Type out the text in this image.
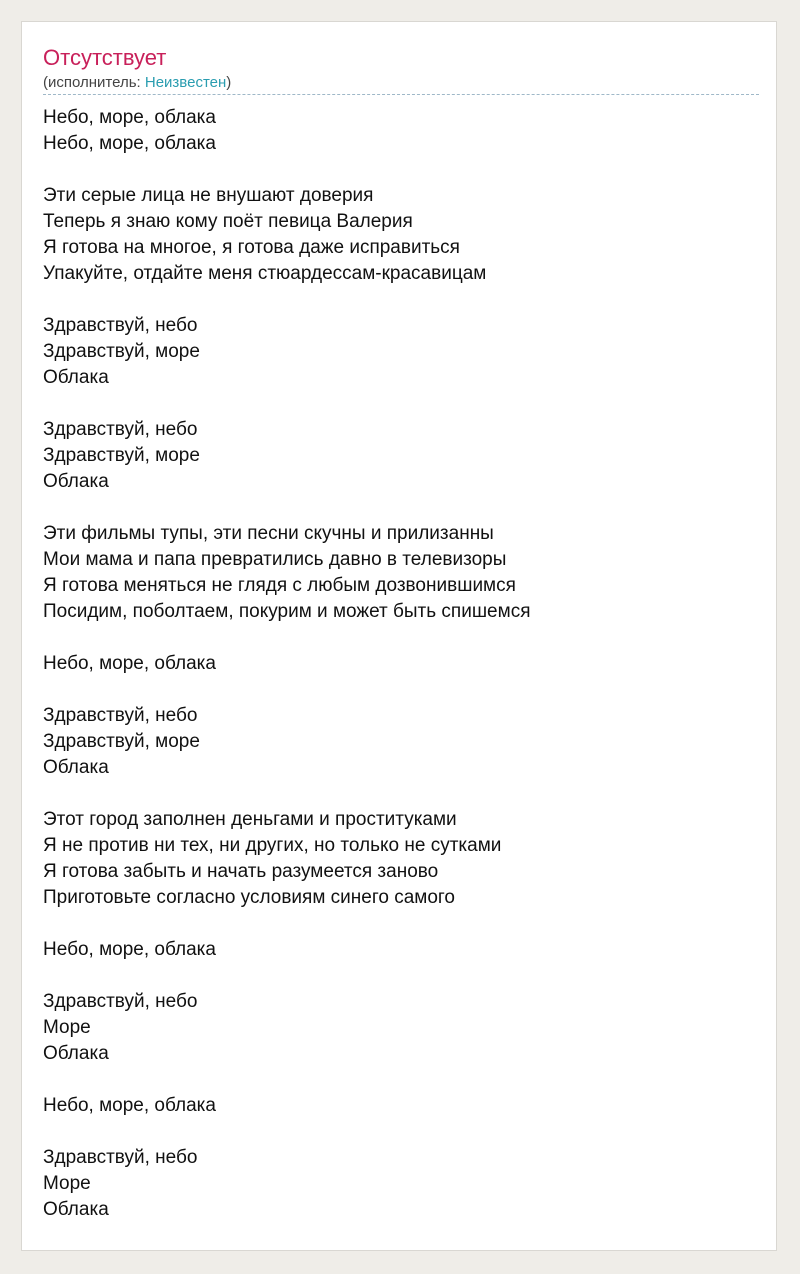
Отсутствует
(исполнитель: Неизвестен)
Небо, море, облака
Небо, море, облака
Эти серые лица не внушают доверия
Теперь я знаю кому поёт певица Валерия
Я готова на многое, я готова даже исправиться
Упакуйте, отдайте меня стюардессам-красавицам
Здравствуй, небо
Здравствуй, море
Облака
Здравствуй, небо
Здравствуй, море
Облака
Эти фильмы тупы, эти песни скучны и прилизанны
Мои мама и папа превратились давно в телевизоры
Я готова меняться не глядя с любым дозвонившимся
Посидим, поболтаем, покурим и может быть спишемся
Небо, море, облака
Здравствуй, небо
Здравствуй, море
Облака
Этот город заполнен деньгами и проституками
Я не против ни тех, ни других, но только не сутками
Я готова забыть и начать разумеется заново
Приготовьте согласно условиям синего самого
Небо, море, облака
Здравствуй, небо
Море
Облака
Небо, море, облака
Здравствуй, небо
Море
Облака
